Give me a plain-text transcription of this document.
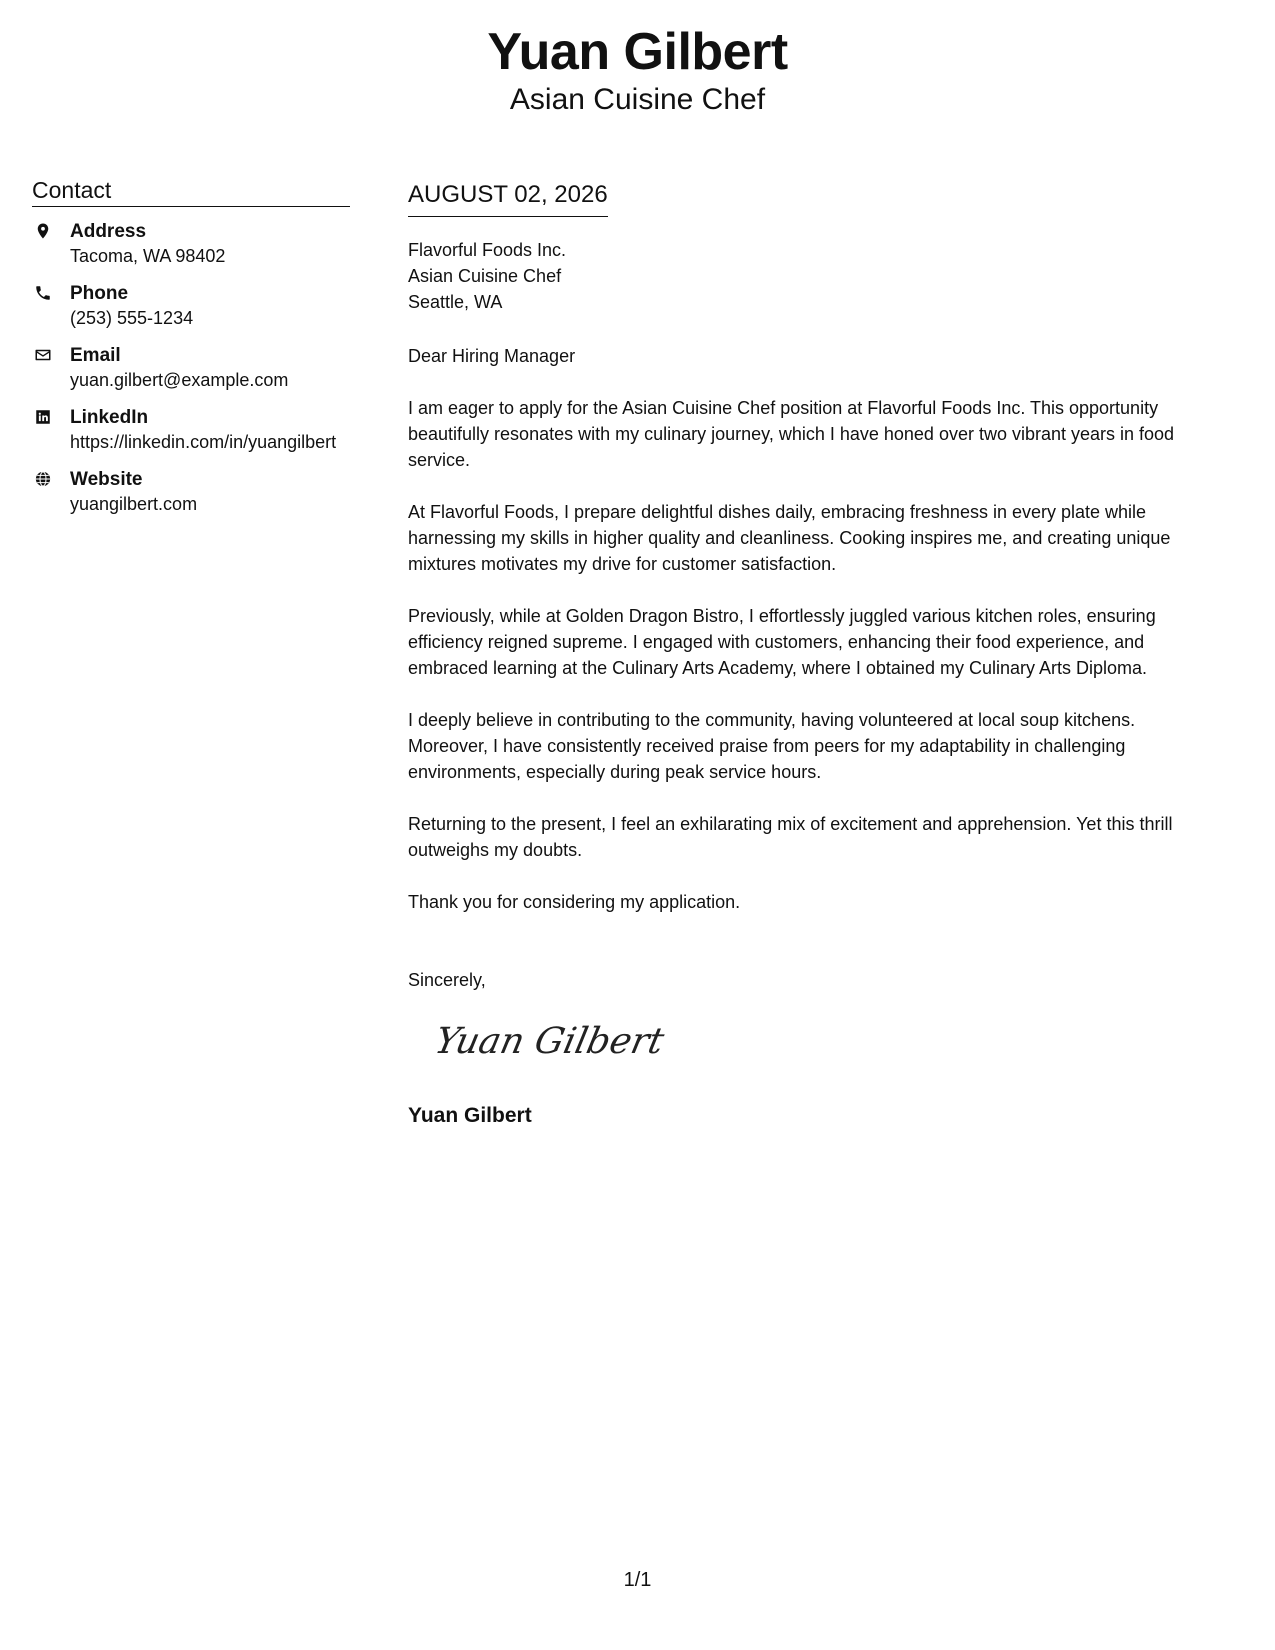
Yuan Gilbert
Asian Cuisine Chef
Contact
Address
Tacoma, WA 98402
Phone
(253) 555-1234
Email
yuan.gilbert@example.com
LinkedIn
https://linkedin.com/in/yuangilbert
Website
yuangilbert.com
AUGUST 02, 2026
Flavorful Foods Inc.
Asian Cuisine Chef
Seattle, WA
Dear Hiring Manager
I am eager to apply for the Asian Cuisine Chef position at Flavorful Foods Inc. This opportunity beautifully resonates with my culinary journey, which I have honed over two vibrant years in food service.
At Flavorful Foods, I prepare delightful dishes daily, embracing freshness in every plate while harnessing my skills in higher quality and cleanliness. Cooking inspires me, and creating unique mixtures motivates my drive for customer satisfaction.
Previously, while at Golden Dragon Bistro, I effortlessly juggled various kitchen roles, ensuring efficiency reigned supreme. I engaged with customers, enhancing their food experience, and embraced learning at the Culinary Arts Academy, where I obtained my Culinary Arts Diploma.
I deeply believe in contributing to the community, having volunteered at local soup kitchens. Moreover, I have consistently received praise from peers for my adaptability in challenging environments, especially during peak service hours.
Returning to the present, I feel an exhilarating mix of excitement and apprehension. Yet this thrill outweighs my doubts.
Thank you for considering my application.
Sincerely,
Yuan Gilbert
Yuan Gilbert
1/1
